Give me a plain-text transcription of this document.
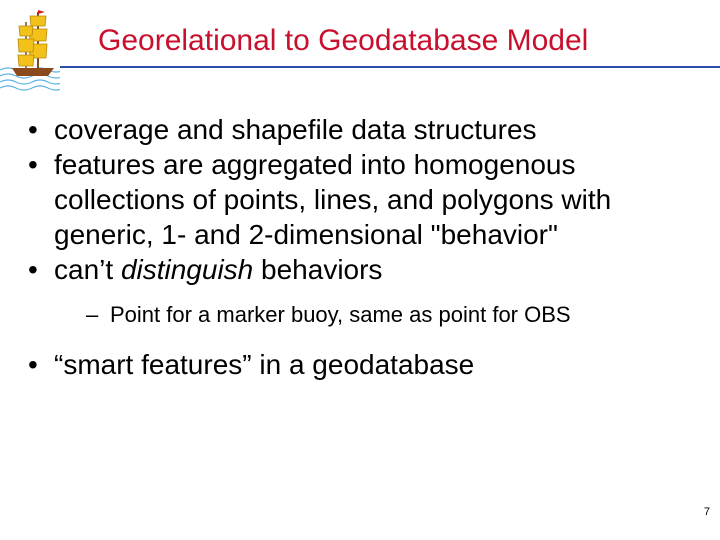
Georelational to Geodatabase Model
• coverage and shapefile data structures
• features are aggregated into homogenous collections of points, lines, and polygons with generic, 1- and 2-dimensional "behavior"
• can’t distinguish behaviors
– Point for a marker buoy, same as point for OBS
• “smart features” in a geodatabase
7
